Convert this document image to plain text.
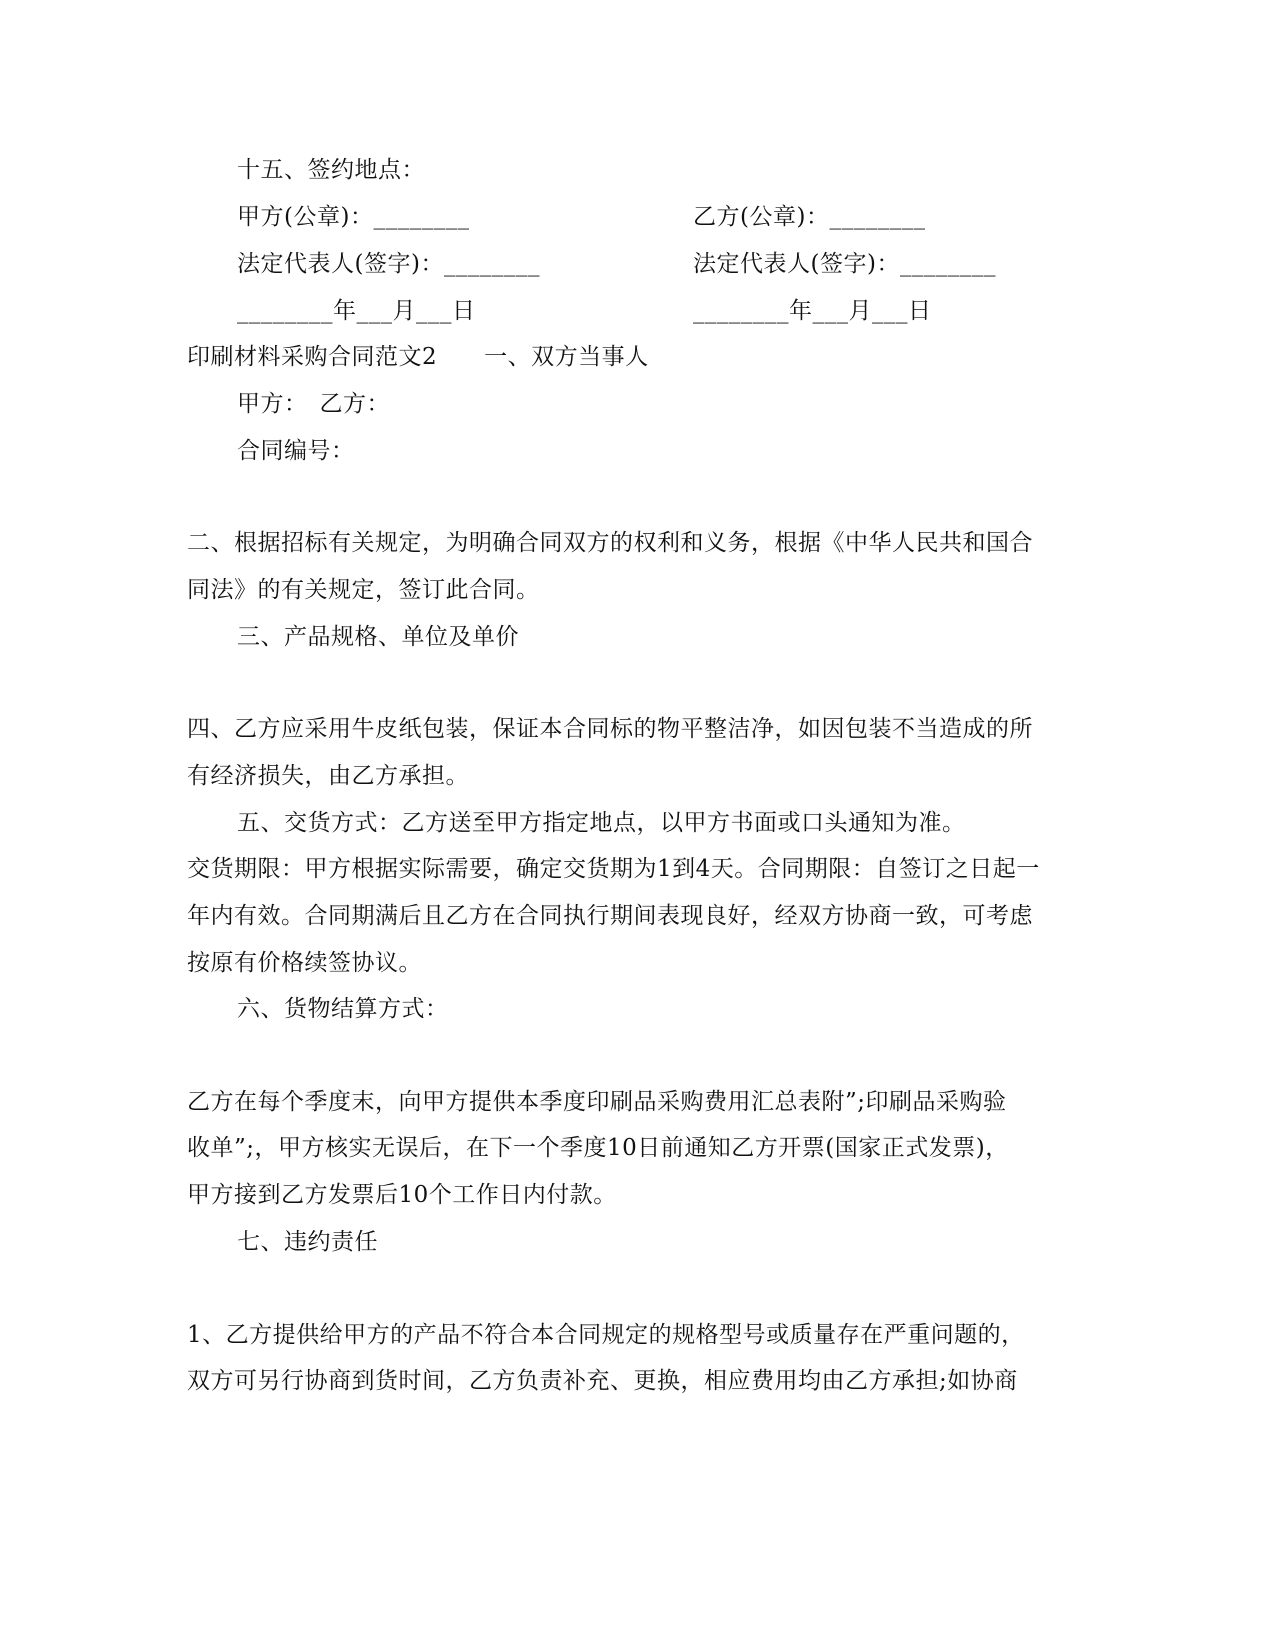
十五、签约地点：
甲方(公章)：________	乙方(公章)：________
法定代表人(签字)：________	法定代表人(签字)：________
________年___月___日	________年___月___日
印刷材料采购合同范文2　　一、双方当事人
甲方：　乙方：
合同编号：
二、根据招标有关规定，为明确合同双方的权利和义务，根据《中华人民共和国合
同法》的有关规定，签订此合同。
三、产品规格、单位及单价
四、乙方应采用牛皮纸包装，保证本合同标的物平整洁净，如因包装不当造成的所
有经济损失，由乙方承担。
五、交货方式：乙方送至甲方指定地点，以甲方书面或口头通知为准。
交货期限：甲方根据实际需要，确定交货期为1到4天。合同期限：自签订之日起一
年内有效。合同期满后且乙方在合同执行期间表现良好，经双方协商一致，可考虑
按原有价格续签协议。
六、货物结算方式：
乙方在每个季度末，向甲方提供本季度印刷品采购费用汇总表附”;印刷品采购验
收单”;，甲方核实无误后，在下一个季度10日前通知乙方开票(国家正式发票)，
甲方接到乙方发票后10个工作日内付款。
七、违约责任
1、乙方提供给甲方的产品不符合本合同规定的规格型号或质量存在严重问题的，
双方可另行协商到货时间，乙方负责补充、更换，相应费用均由乙方承担;如协商
